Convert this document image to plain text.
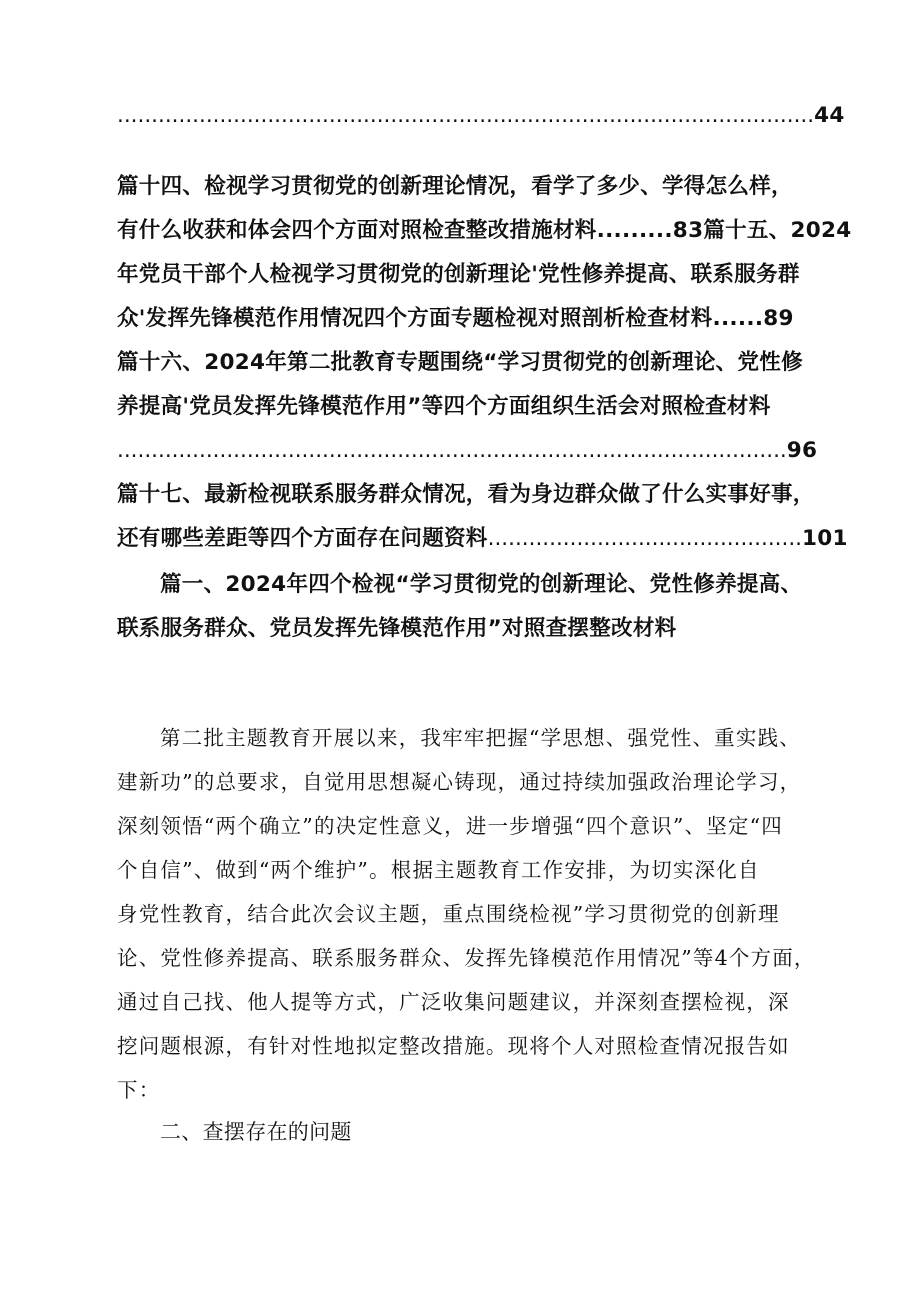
......................................................................................................44
篇十四、检视学习贯彻党的创新理论情况，看学了多少、学得怎么样，
有什么收获和体会四个方面对照检查整改措施材料.........83篇十五、2024
年党员干部个人检视学习贯彻党的创新理论'党性修养提高、联系服务群
众'发挥先锋模范作用情况四个方面专题检视对照剖析检查材料......89
篇十六、2024年第二批教育专题围绕“学习贯彻党的创新理论、党性修
养提高'党员发挥先锋模范作用”等四个方面组织生活会对照检查材料
..................................................................................................96
篇十七、最新检视联系服务群众情况，看为身边群众做了什么实事好事，
还有哪些差距等四个方面存在问题资料..............................................101
篇一、2024年四个检视“学习贯彻党的创新理论、党性修养提高、
联系服务群众、党员发挥先锋模范作用”对照查摆整改材料
第二批主题教育开展以来，我牢牢把握“学思想、强党性、重实践、
建新功”的总要求，自觉用思想凝心铸现，通过持续加强政治理论学习，
深刻领悟“两个确立”的决定性意义，进一步增强“四个意识”、坚定“四
个自信”、做到“两个维护”。根据主题教育工作安排，为切实深化自
身党性教育，结合此次会议主题，重点围绕检视”学习贯彻党的创新理
论、党性修养提高、联系服务群众、发挥先锋模范作用情况”等4个方面，
通过自己找、他人提等方式，广泛收集问题建议，并深刻查摆检视，深
挖问题根源，有针对性地拟定整改措施。现将个人对照检查情况报告如
下：
二、查摆存在的问题
